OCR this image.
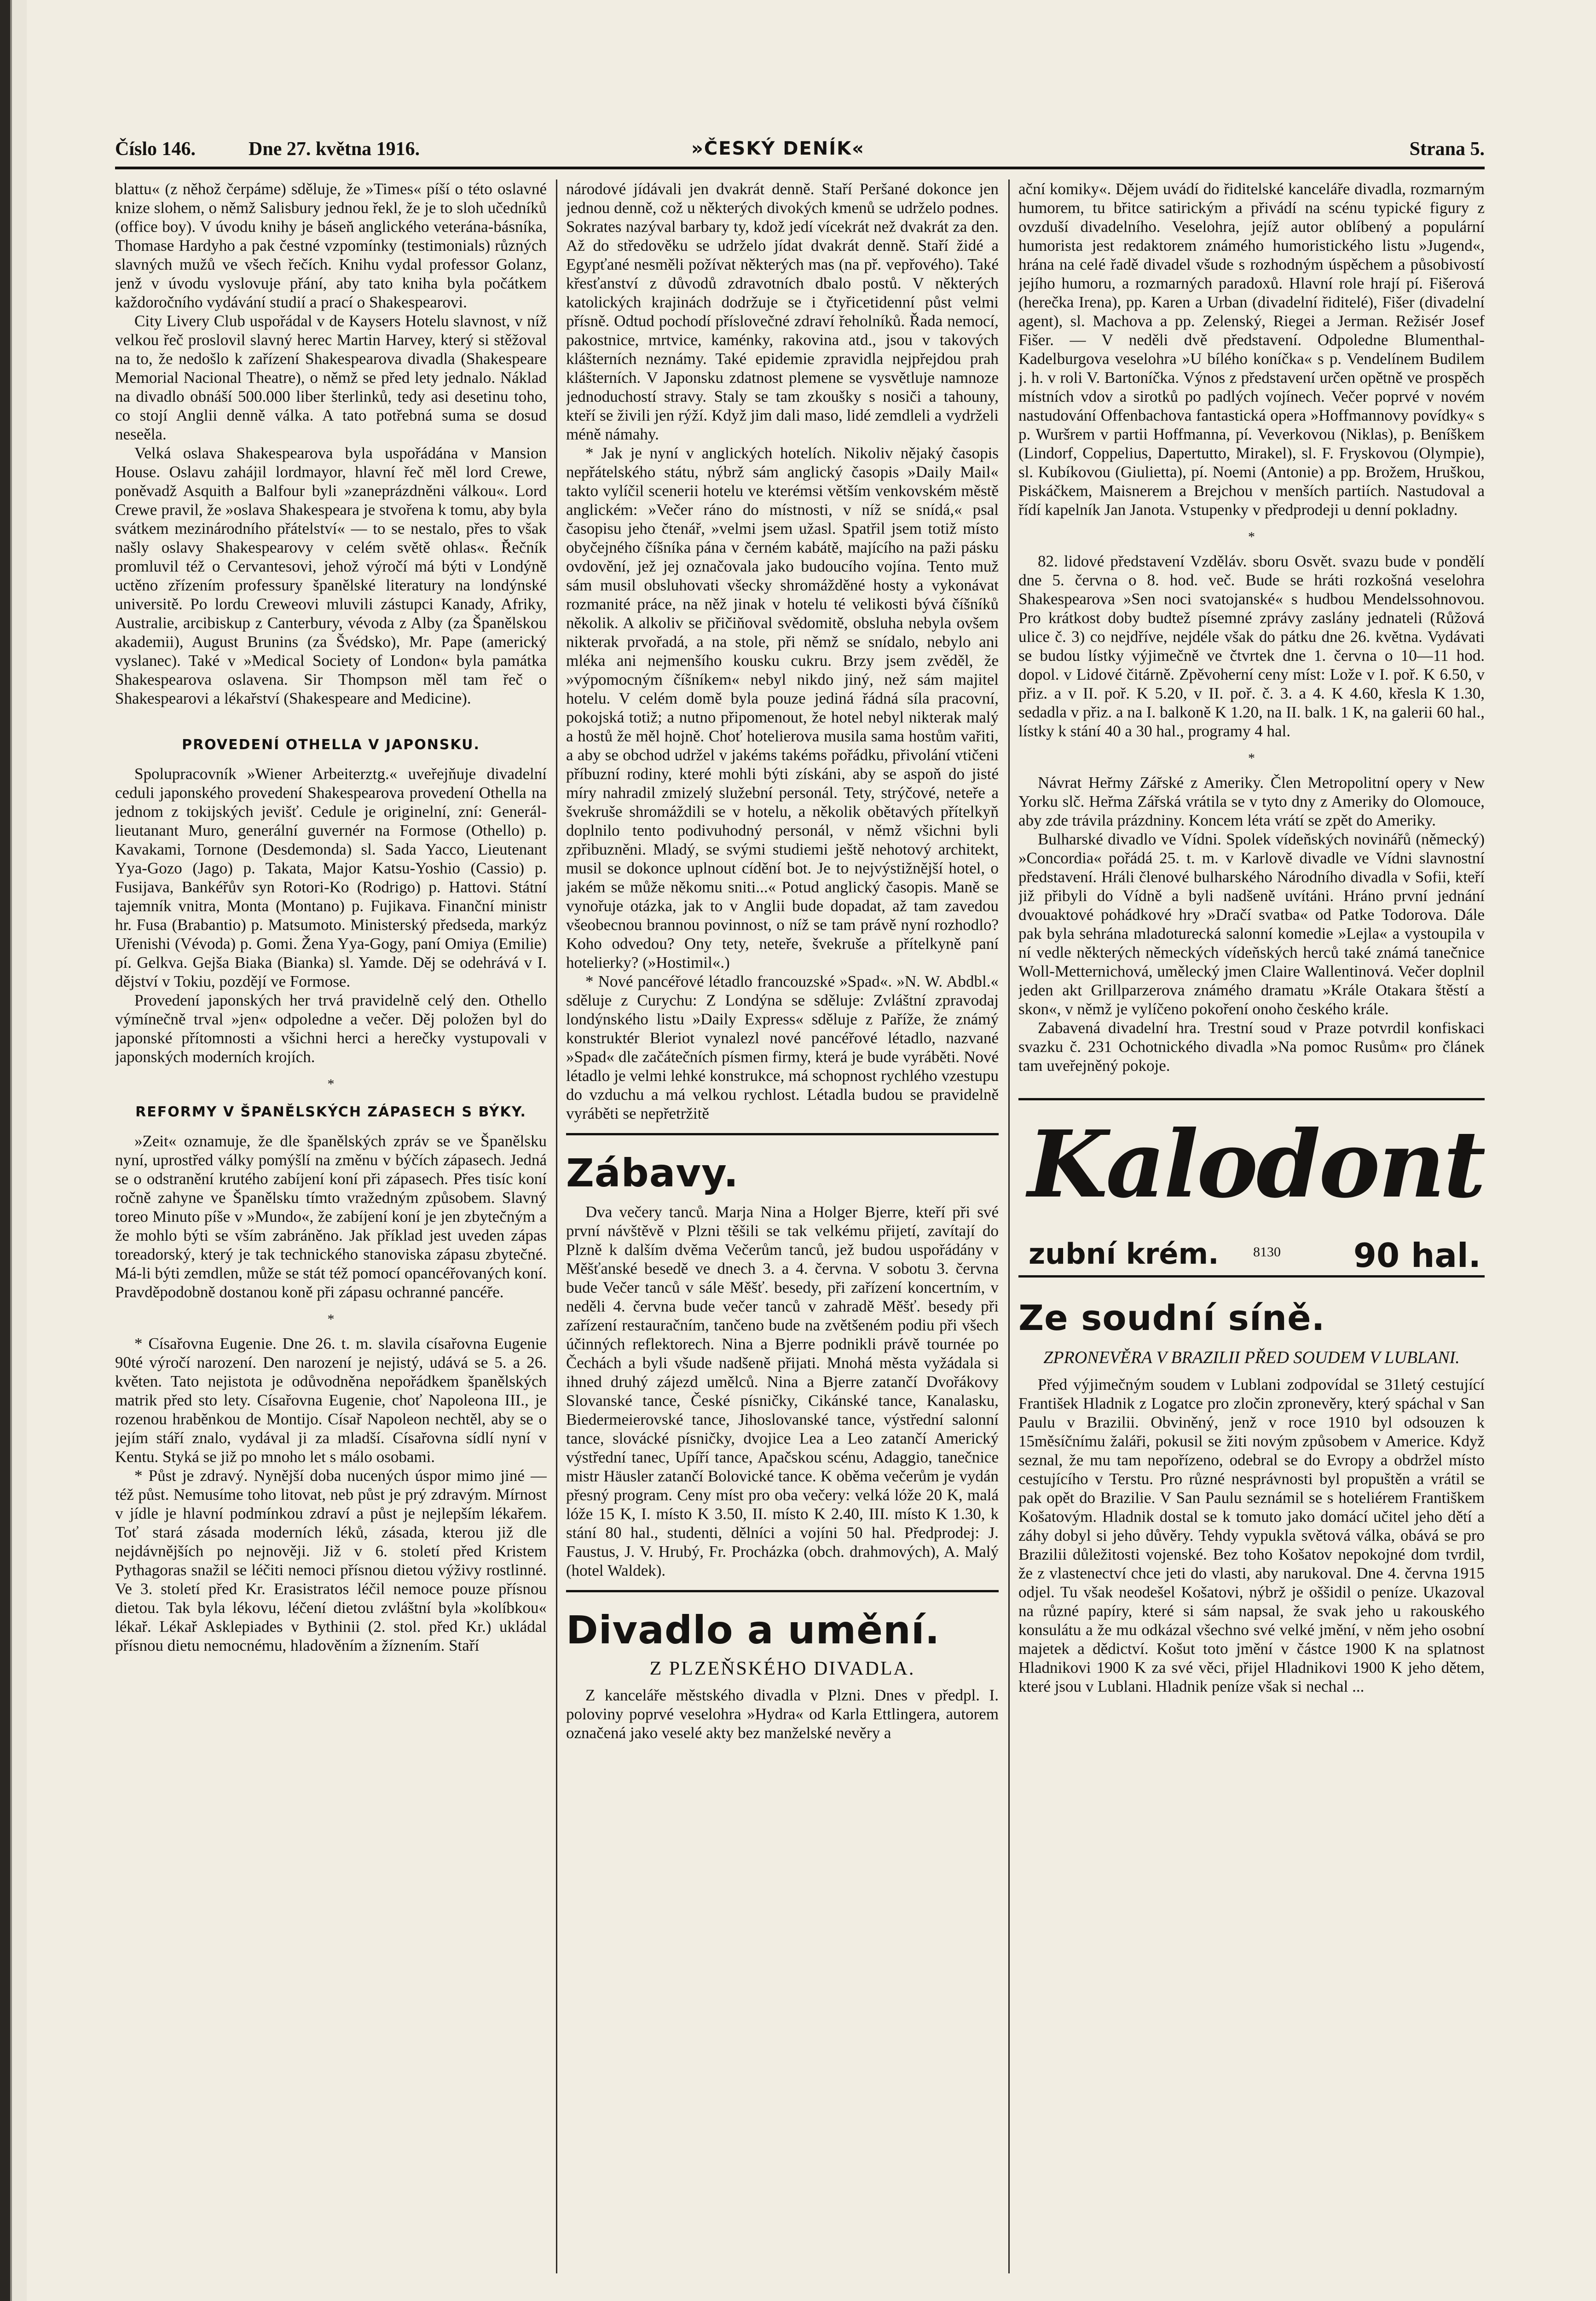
Číslo 146.	Dne 27. května 1916.	»ČESKÝ DENÍK«	Strana 5.

blattu« (z něhož čerpáme) sděluje, že »Times« píší o této oslavné knize slohem, o němž Salisbury jednou řekl, že je to sloh učedníků (office boy). V úvodu knihy je báseň anglického veterána-básníka, Thomase Hardyho a pak čestné vzpomínky (testimonials) různých slavných mužů ve všech řečích. Knihu vydal professor Golanz, jenž v úvodu vyslovuje přání, aby tato kniha byla počátkem každoročního vydávání studií a prací o Shakespearovi.

City Livery Club uspořádal v de Kaysers Hotelu slavnost, v níž velkou řeč proslovil slavný herec Martin Harvey, který si stěžoval na to, že nedošlo k zařízení Shakespearova divadla (Shakespeare Memorial Nacional Theatre), o němž se před lety jednalo. Náklad na divadlo obnáší 500.000 liber šterlinků, tedy asi desetinu toho, co stojí Anglii denně válka. A tato potřebná suma se dosud neseěla.

Velká oslava Shakespearova byla uspořádána v Mansion House. Oslavu zahájil lordmayor, hlavní řeč měl lord Crewe, poněvadž Asquith a Balfour byli »zaneprázdněni válkou«. Lord Crewe pravil, že »oslava Shakespeara je stvořena k tomu, aby byla svátkem mezinárodního přátelství« — to se nestalo, přes to však našly oslavy Shakespearovy v celém světě ohlas«. Řečník promluvil též o Cervantesovi, jehož výročí má býti v Londýně uctěno zřízením professury španělské literatury na londýnské universitě. Po lordu Creweovi mluvili zástupci Kanady, Afriky, Australie, arcibiskup z Canterbury, vévoda z Alby (za Španělskou akademii), August Brunins (za Švédsko), Mr. Pape (americký vyslanec). Také v »Medical Society of London« byla památka Shakespearova oslavena. Sir Thompson měl tam řeč o Shakespearovi a lékařství (Shakespeare and Medicine).

PROVEDENÍ OTHELLA V JAPONSKU.

Spolupracovník »Wiener Arbeiterztg.« uveřejňuje divadelní ceduli japonského provedení Shakespearova provedení Othella na jednom z tokijských jevišť. Cedule je originelní, zní: Generál-lieutanant Muro, generální guvernér na Formose (Othello) p. Kavakami, Tornone (Desdemonda) sl. Sada Yacco, Lieutenant Yya-Gozo (Jago) p. Takata, Major Katsu-Yoshio (Cassio) p. Fusijava, Bankéřův syn Rotori-Ko (Rodrigo) p. Hattovi. Státní tajemník vnitra, Monta (Montano) p. Fujikava. Finanční ministr hr. Fusa (Brabantio) p. Matsumoto. Ministerský předseda, markýz Uřenishi (Vévoda) p. Gomi. Žena Yya-Gogy, paní Omiya (Emilie) pí. Gelkva. Gejša Biaka (Bianka) sl. Yamde. Děj se odehrává v I. dějství v Tokiu, pozdějí ve Formose.

Provedení japonských her trvá pravidelně celý den. Othello výmínečně trval »jen« odpoledne a večer. Děj položen byl do japonské přítomnosti a všichni herci a herečky vystupovali v japonských moderních krojích.

*
REFORMY V ŠPANĚLSKÝCH ZÁPASECH S BÝKY.

»Zeit« oznamuje, že dle španělských zpráv se ve Španělsku nyní, uprostřed války pomýšlí na změnu v býčích zápasech. Jedná se o odstranění krutého zabíjení koní při zápasech. Přes tisíc koní ročně zahyne ve Španělsku tímto vražedným způsobem. Slavný toreo Minuto píše v »Mundo«, že zabíjení koní je jen zbytečným a že mohlo býti se vším zabráněno. Jak příklad jest uveden zápas toreadorský, který je tak technického stanoviska zápasu zbytečné. Má-li býti zemdlen, může se stát též pomocí opancéřovaných koní. Pravděpodobně dostanou koně při zápasu ochranné pancéře.

*

* Císařovna Eugenie. Dne 26. t. m. slavila císařovna Eugenie 90té výročí narození. Den narození je nejistý, udává se 5. a 26. květen. Tato nejistota je odůvodněna nepořádkem španělských matrik před sto lety. Císařovna Eugenie, choť Napoleona III., je rozenou hraběnkou de Montijo. Císař Napoleon nechtěl, aby se o jejím stáří znalo, vydával ji za mladší. Císařovna sídlí nyní v Kentu. Styká se již po mnoho let s málo osobami.

* Půst je zdravý. Nynější doba nucených úspor mimo jiné — též půst. Nemusíme toho litovat, neb půst je prý zdravým. Mírnost v jídle je hlavní podmínkou zdraví a půst je nejlepším lékařem. Toť stará zásada moderních léků, zásada, kterou již dle nejdávnějších po nejnověji. Již v 6. století před Kristem Pythagoras snažil se léčiti nemoci přísnou dietou výživy rostlinné. Ve 3. století před Kr. Erasistratos léčil nemoce pouze přísnou dietou. Tak byla lékovu, léčení dietou zvláštní byla »kolíbkou« lékař. Lékař Asklepiades v Bythinii (2. stol. před Kr.) ukládal přísnou dietu nemocnému, hladověním a žíznením. Staří

národové jídávali jen dvakrát denně. Staří Peršané dokonce jen jednou denně, což u některých divokých kmenů se udrželo podnes. Sokrates nazýval barbary ty, kdož jedí vícekrát než dvakrát za den. Až do středověku se udrželo jídat dvakrát denně. Staří židé a Egypťané nesměli požívat některých mas (na př. vepřového). Také křesťanství z důvodů zdravotních dbalo postů. V některých katolických krajinách dodržuje se i čtyřicetidenní půst velmi přísně. Odtud pochodí příslovečné zdraví řeholníků. Řada nemocí, pakostnice, mrtvice, kaménky, rakovina atd., jsou v takových klášterních neznámy. Také epidemie zpravidla nejpřejdou prah klášterních. V Japonsku zdatnost plemene se vysvětluje namnoze jednoduchostí stravy. Staly se tam zkoušky s nosiči a tahouny, kteří se živili jen rýží. Když jim dali maso, lidé zemdleli a vydrželi méně námahy.

* Jak je nyní v anglických hotelích. Nikoliv nějaký časopis nepřátelského státu, nýbrž sám anglický časopis »Daily Mail« takto vylíčil scenerii hotelu ve kterémsi větším venkovském městě anglickém: »Večer ráno do místnosti, v níž se snídá,« psal časopisu jeho čtenář, »velmi jsem užasl. Spatřil jsem totiž místo obyčejného číšníka pána v černém kabátě, majícího na paži pásku ovdovění, jež jej označovala jako budoucího vojína. Tento muž sám musil obsluhovati všecky shromážděné hosty a vykonávat rozmanité práce, na něž jinak v hotelu té velikosti bývá číšníků několik. A alkoliv se přičiňoval svědomitě, obsluha nebyla ovšem nikterak prvořadá, a na stole, při němž se snídalo, nebylo ani mléka ani nejmenšího kousku cukru. Brzy jsem zvěděl, že »výpomocným číšníkem« nebyl nikdo jiný, než sám majitel hotelu. V celém domě byla pouze jediná řádná síla pracovní, pokojská totiž; a nutno připomenout, že hotel nebyl nikterak malý a hostů že měl hojně. Choť hotelierova musila sama hostům vařiti, a aby se obchod udržel v jakéms takéms pořádku, přivolání vtičeni příbuzní rodiny, které mohli býti získáni, aby se aspoň do jisté míry nahradil zmizelý služební personál. Tety, strýčové, neteře a švekruše shromáždili se v hotelu, a několik obětavých přítelkyň doplnilo tento podivuhodný personál, v němž všichni byli zpřibuzněni. Mladý, se svými studiemi ještě nehotový architekt, musil se dokonce uplnout cídění bot. Je to nejvýstižnější hotel, o jakém se může někomu sniti...« Potud anglický časopis. Maně se vynořuje otázka, jak to v Anglii bude dopadat, až tam zavedou všeobecnou brannou povinnost, o níž se tam právě nyní rozhodlo? Koho odvedou? Ony tety, neteře, švekruše a přítelkyně paní hotelierky? (»Hostimil«.)

* Nové pancéřové létadlo francouzské »Spad«. »N. W. Abdbl.« sděluje z Curychu: Z Londýna se sděluje: Zvláštní zpravodaj londýnského listu »Daily Express« sděluje z Paříže, že známý konstruktér Bleriot vynalezl nové pancéřové létadlo, nazvané »Spad« dle začátečních písmen firmy, která je bude vyráběti. Nové létadlo je velmi lehké konstrukce, má schopnost rychlého vzestupu do vzduchu a má velkou rychlost. Létadla budou se pravidelně vyráběti se nepřetržitě

Zábavy.

Dva večery tanců. Marja Nina a Holger Bjerre, kteří při své první návštěvě v Plzni těšili se tak velkému přijetí, zavítají do Plzně k dalším dvěma Večerům tanců, jež budou uspořádány v Měšťanské besedě ve dnech 3. a 4. června. V sobotu 3. června bude Večer tanců v sále Měšť. besedy, při zařízení koncertním, v neděli 4. června bude večer tanců v zahradě Měšť. besedy při zařízení restauračním, tančeno bude na zvětšeném podiu při všech účinných reflektorech. Nina a Bjerre podnikli právě tournée po Čechách a byli všude nadšeně přijati. Mnohá města vyžádala si ihned druhý zájezd umělců. Nina a Bjerre zatančí Dvořákovy Slovanské tance, České písničky, Cikánské tance, Kanalasku, Biedermeierovské tance, Jihoslovanské tance, výstřední salonní tance, slovácké písničky, dvojice Lea a Leo zatančí Americký výstřední tanec, Upíří tance, Apačskou scénu, Adaggio, tanečnice mistr Häusler zatančí Bolovické tance. K oběma večerům je vydán přesný program. Ceny míst pro oba večery: velká lóže 20 K, malá lóže 15 K, I. místo K 3.50, II. místo K 2.40, III. místo K 1.30, k stání 80 hal., studenti, dělníci a vojíni 50 hal. Předprodej: J. Faustus, J. V. Hrubý, Fr. Procházka (obch. drahmových), A. Malý (hotel Waldek).

Divadlo a umění.
Z PLZEŇSKÉHO DIVADLA.

Z kanceláře městského divadla v Plzni. Dnes v předpl. I. poloviny poprvé veselohra »Hydra« od Karla Ettlingera, autorem označená jako veselé akty bez manželské nevěry a

ační komiky«. Dějem uvádí do řiditelské kanceláře divadla, rozmarným humorem, tu břitce satirickým a přivádí na scénu typické figury z ovzduší divadelního. Veselohra, jejíž autor oblíbený a populární humorista jest redaktorem známého humoristického listu »Jugend«, hrána na celé řadě divadel všude s rozhodným úspěchem a působivostí jejího humoru, a rozmarných paradoxů. Hlavní role hrají pí. Fišerová (herečka Irena), pp. Karen a Urban (divadelní řiditelé), Fišer (divadelní agent), sl. Machova a pp. Zelenský, Riegei a Jerman. Režisér Josef Fišer. — V neděli dvě představení. Odpoledne Blumenthal-Kadelburgova veselohra »U bílého koníčka« s p. Vendelínem Budilem j. h. v roli V. Bartoníčka. Výnos z představení určen opětně ve prospěch místních vdov a sirotků po padlých vojínech. Večer poprvé v novém nastudování Offenbachova fantastická opera »Hoffmannovy povídky« s p. Wuršrem v partii Hoffmanna, pí. Veverkovou (Niklas), p. Beníškem (Lindorf, Coppelius, Dapertutto, Mirakel), sl. F. Fryskovou (Olympie), sl. Kubíkovou (Giulietta), pí. Noemi (Antonie) a pp. Brožem, Hruškou, Piskáčkem, Maisnerem a Brejchou v menších partiích. Nastudoval a řídí kapelník Jan Janota. Vstupenky v předprodeji u denní pokladny.

*

82. lidové představení Vzděláv. sboru Osvět. svazu bude v pondělí dne 5. června o 8. hod. več. Bude se hráti rozkošná veselohra Shakespearova »Sen noci svatojanské« s hudbou Mendelssohnovou. Pro krátkost doby budtež písemné zprávy zaslány jednateli (Růžová ulice č. 3) co nejdříve, nejdéle však do pátku dne 26. května. Vydávati se budou lístky výjimečně ve čtvrtek dne 1. června o 10—11 hod. dopol. v Lidové čitárně. Zpěvoherní ceny míst: Lože v I. poř. K 6.50, v přiz. a v II. poř. K 5.20, v II. poř. č. 3. a 4. K 4.60, křesla K 1.30, sedadla v přiz. a na I. balkoně K 1.20, na II. balk. 1 K, na galerii 60 hal., lístky k stání 40 a 30 hal., programy 4 hal.

*

Návrat Heřmy Zářské z Ameriky. Člen Metropolitní opery v New Yorku slč. Heřma Zářská vrátila se v tyto dny z Ameriky do Olomouce, aby zde trávila prázdniny. Koncem léta vrátí se zpět do Ameriky.

Bulharské divadlo ve Vídni. Spolek vídeňských novinářů (německý) »Concordia« pořádá 25. t. m. v Karlově divadle ve Vídni slavnostní představení. Hráli členové bulharského Národního divadla v Sofii, kteří již přibyli do Vídně a byli nadšeně uvítáni. Hráno první jednání dvouaktové pohádkové hry »Dračí svatba« od Patke Todorova. Dále pak byla sehrána mladoturecká salonní komedie »Lejla« a vystoupila v ní vedle některých německých vídeňských herců také známá tanečnice Woll-Metternichová, umělecký jmen Claire Wallentinová. Večer doplnil jeden akt Grillparzerova známého dramatu »Krále Otakara štěstí a skon«, v němž je vylíčeno pokoření onoho českého krále.

Zabavená divadelní hra. Trestní soud v Praze potvrdil konfiskaci svazku č. 231 Ochotnického divadla »Na pomoc Rusům« pro článek tam uveřejněný pokoje.

Kalodont
zubní krém. 8130 90 hal.
Ze soudní síně.
ZPRONEVĚRA V BRAZILII PŘED SOUDEM V LUBLANI.

Před výjimečným soudem v Lublani zodpovídal se 31letý cestující František Hladnik z Logatce pro zločin zpronevěry, který spáchal v San Paulu v Brazilii. Obviněný, jenž v roce 1910 byl odsouzen k 15měsíčnímu žaláři, pokusil se žiti novým způsobem v Americe. Když seznal, že mu tam nepořízeno, odebral se do Evropy a obdržel místo cestujícího v Terstu. Pro různé nesprávnosti byl propuštěn a vrátil se pak opět do Brazilie. V San Paulu seznámil se s hoteliérem Františkem Košatovým. Hladnik dostal se k tomuto jako domácí učitel jeho dětí a záhy dobyl si jeho důvěry. Tehdy vypukla světová válka, obává se pro Brazilii důležitosti vojenské. Bez toho Košatov nepokojné dom tvrdil, že z vlastenectví chce jeti do vlasti, aby narukoval. Dne 4. června 1915 odjel. Tu však neodešel Košatovi, nýbrž je oššidil o peníze. Ukazoval na různé papíry, které si sám napsal, že svak jeho u rakouského konsulátu a že mu odkázal všechno své velké jmění, v něm jeho osobní majetek a dědictví. Košut toto jmění v částce 1900 K na splatnost Hladnikovi 1900 K za své věci, přijel Hladnikovi 1900 K jeho dětem, které jsou v Lublani. Hladnik peníze však si nechal ...
